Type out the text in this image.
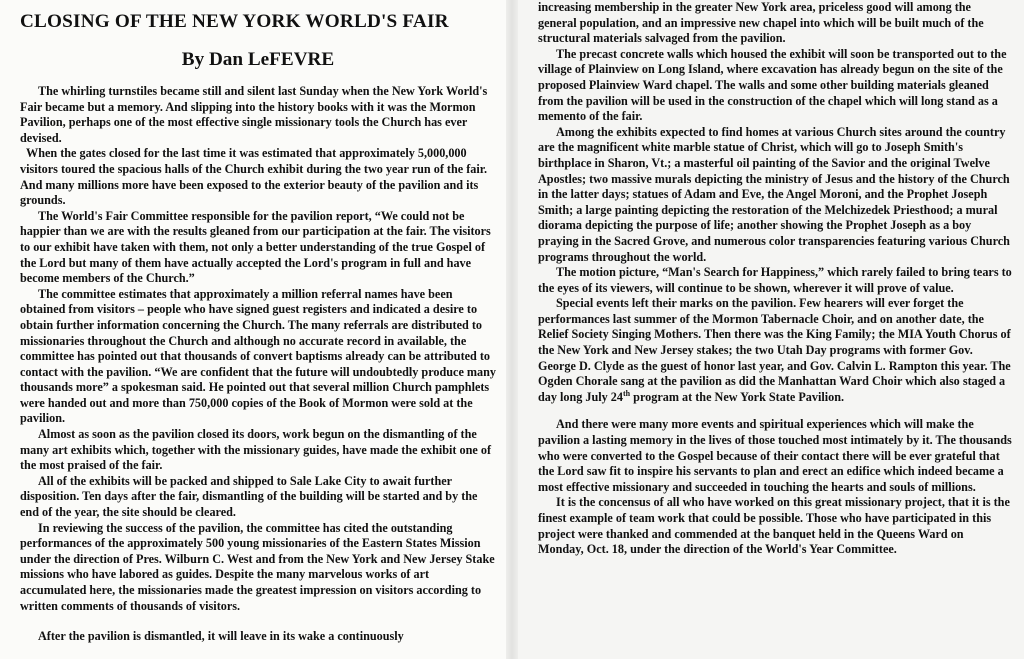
CLOSING OF THE NEW YORK WORLD'S FAIR
By Dan LeFEVRE

The whirling turnstiles became still and silent last Sunday when the New York World's Fair became but a memory. And slipping into the history books with it was the Mormon Pavilion, perhaps one of the most effective single missionary tools the Church has ever devised.

When the gates closed for the last time it was estimated that approximately 5,000,000 visitors toured the spacious halls of the Church exhibit during the two year run of the fair. And many millions more have been exposed to the exterior beauty of the pavilion and its grounds.

The World's Fair Committee responsible for the pavilion report, “We could not be happier than we are with the results gleaned from our participation at the fair. The visitors to our exhibit have taken with them, not only a better understanding of the true Gospel of the Lord but many of them have actually accepted the Lord's program in full and have become members of the Church.”

The committee estimates that approximately a million referral names have been obtained from visitors – people who have signed guest registers and indicated a desire to obtain further information concerning the Church. The many referrals are distributed to missionaries throughout the Church and although no accurate record in available, the committee has pointed out that thousands of convert baptisms already can be attributed to contact with the pavilion. “We are confident that the future will undoubtedly produce many thousands more” a spokesman said. He pointed out that several million Church pamphlets were handed out and more than 750,000 copies of the Book of Mormon were sold at the pavilion.

Almost as soon as the pavilion closed its doors, work begun on the dismantling of the many art exhibits which, together with the missionary guides, have made the exhibit one of the most praised of the fair.

All of the exhibits will be packed and shipped to Sale Lake City to await further disposition. Ten days after the fair, dismantling of the building will be started and by the end of the year, the site should be cleared.

In reviewing the success of the pavilion, the committee has cited the outstanding performances of the approximately 500 young missionaries of the Eastern States Mission under the direction of Pres. Wilburn C. West and from the New York and New Jersey Stake missions who have labored as guides. Despite the many marvelous works of art accumulated here, the missionaries made the greatest impression on visitors according to written comments of thousands of visitors.

After the pavilion is dismantled, it will leave in its wake a continuously

increasing membership in the greater New York area, priceless good will among the general population, and an impressive new chapel into which will be built much of the structural materials salvaged from the pavilion.

The precast concrete walls which housed the exhibit will soon be transported out to the village of Plainview on Long Island, where excavation has already begun on the site of the proposed Plainview Ward chapel. The walls and some other building materials gleaned from the pavilion will be used in the construction of the chapel which will long stand as a memento of the fair.

Among the exhibits expected to find homes at various Church sites around the country are the magnificent white marble statue of Christ, which will go to Joseph Smith's birthplace in Sharon, Vt.; a masterful oil painting of the Savior and the original Twelve Apostles; two massive murals depicting the ministry of Jesus and the history of the Church in the latter days; statues of Adam and Eve, the Angel Moroni, and the Prophet Joseph Smith; a large painting depicting the restoration of the Melchizedek Priesthood; a mural diorama depicting the purpose of life; another showing the Prophet Joseph as a boy praying in the Sacred Grove, and numerous color transparencies featuring various Church programs throughout the world.

The motion picture, “Man's Search for Happiness,” which rarely failed to bring tears to the eyes of its viewers, will continue to be shown, wherever it will prove of value.

Special events left their marks on the pavilion. Few hearers will ever forget the performances last summer of the Mormon Tabernacle Choir, and on another date, the Relief Society Singing Mothers. Then there was the King Family; the MIA Youth Chorus of the New York and New Jersey stakes; the two Utah Day programs with former Gov. George D. Clyde as the guest of honor last year, and Gov. Calvin L. Rampton this year. The Ogden Chorale sang at the pavilion as did the Manhattan Ward Choir which also staged a day long July 24th program at the New York State Pavilion.

And there were many more events and spiritual experiences which will make the pavilion a lasting memory in the lives of those touched most intimately by it. The thousands who were converted to the Gospel because of their contact there will be ever grateful that the Lord saw fit to inspire his servants to plan and erect an edifice which indeed became a most effective missionary and succeeded in touching the hearts and souls of millions.

It is the concensus of all who have worked on this great missionary project, that it is the finest example of team work that could be possible. Those who have participated in this project were thanked and commended at the banquet held in the Queens Ward on Monday, Oct. 18, under the direction of the World's Year Committee.
